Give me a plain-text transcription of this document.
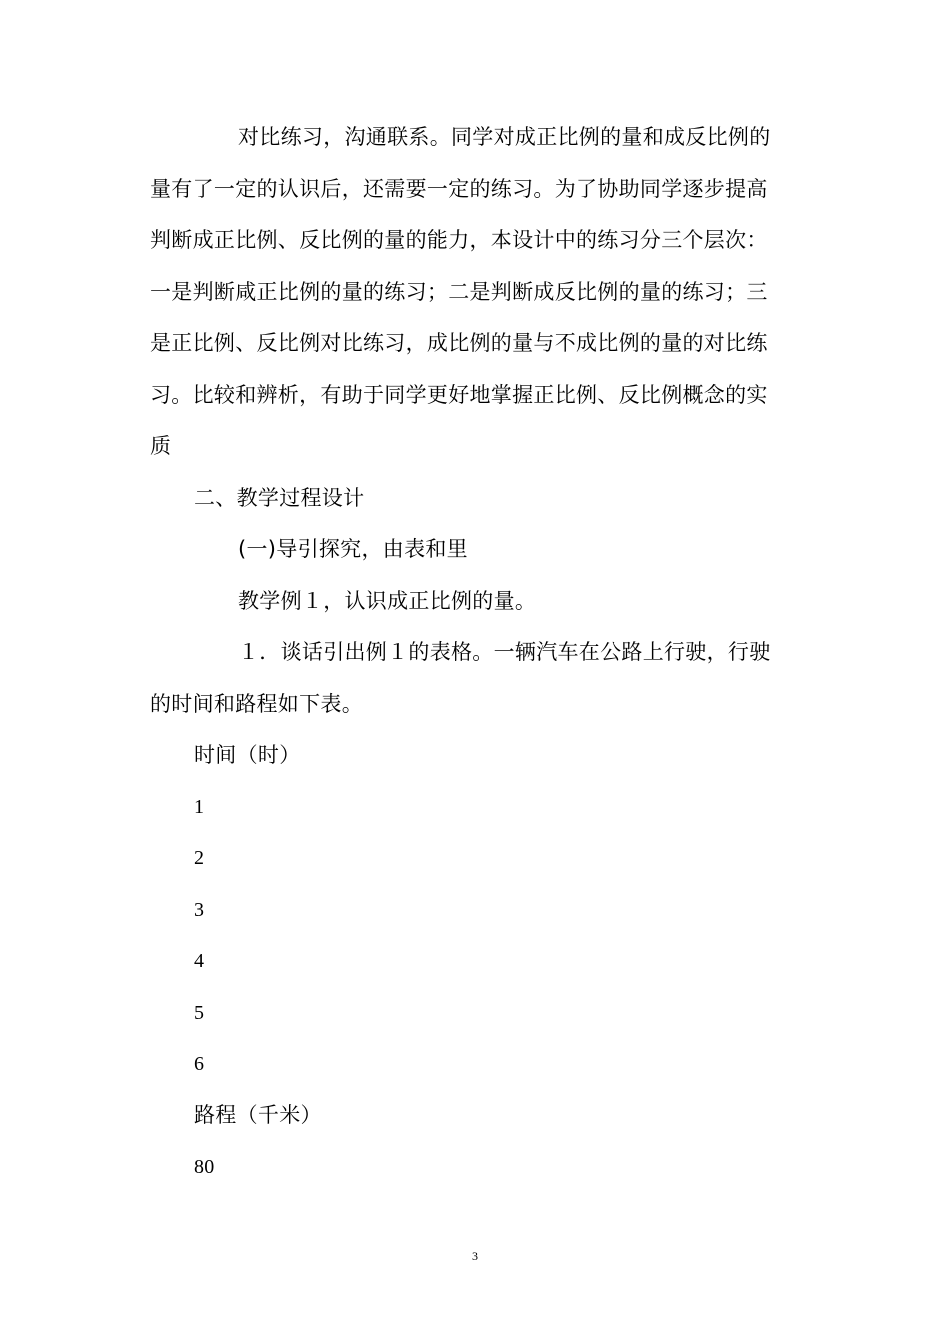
对比练习，沟通联系。同学对成正比例的量和成反比例的
量有了一定的认识后，还需要一定的练习。为了协助同学逐步提高
判断成正比例、反比例的量的能力，本设计中的练习分三个层次：
一是判断咸正比例的量的练习；二是判断成反比例的量的练习；三
是正比例、反比例对比练习，成比例的量与不成比例的量的对比练
习。比较和辨析，有助于同学更好地掌握正比例、反比例概念的实
质
二、教学过程设计
(一)导引探究，由表和里
教学例１，认识成正比例的量。
１．谈话引出例１的表格。一辆汽车在公路上行驶，行驶
的时间和路程如下表。
时间（时）
1
2
3
4
5
6
路程（千米）
80
3
